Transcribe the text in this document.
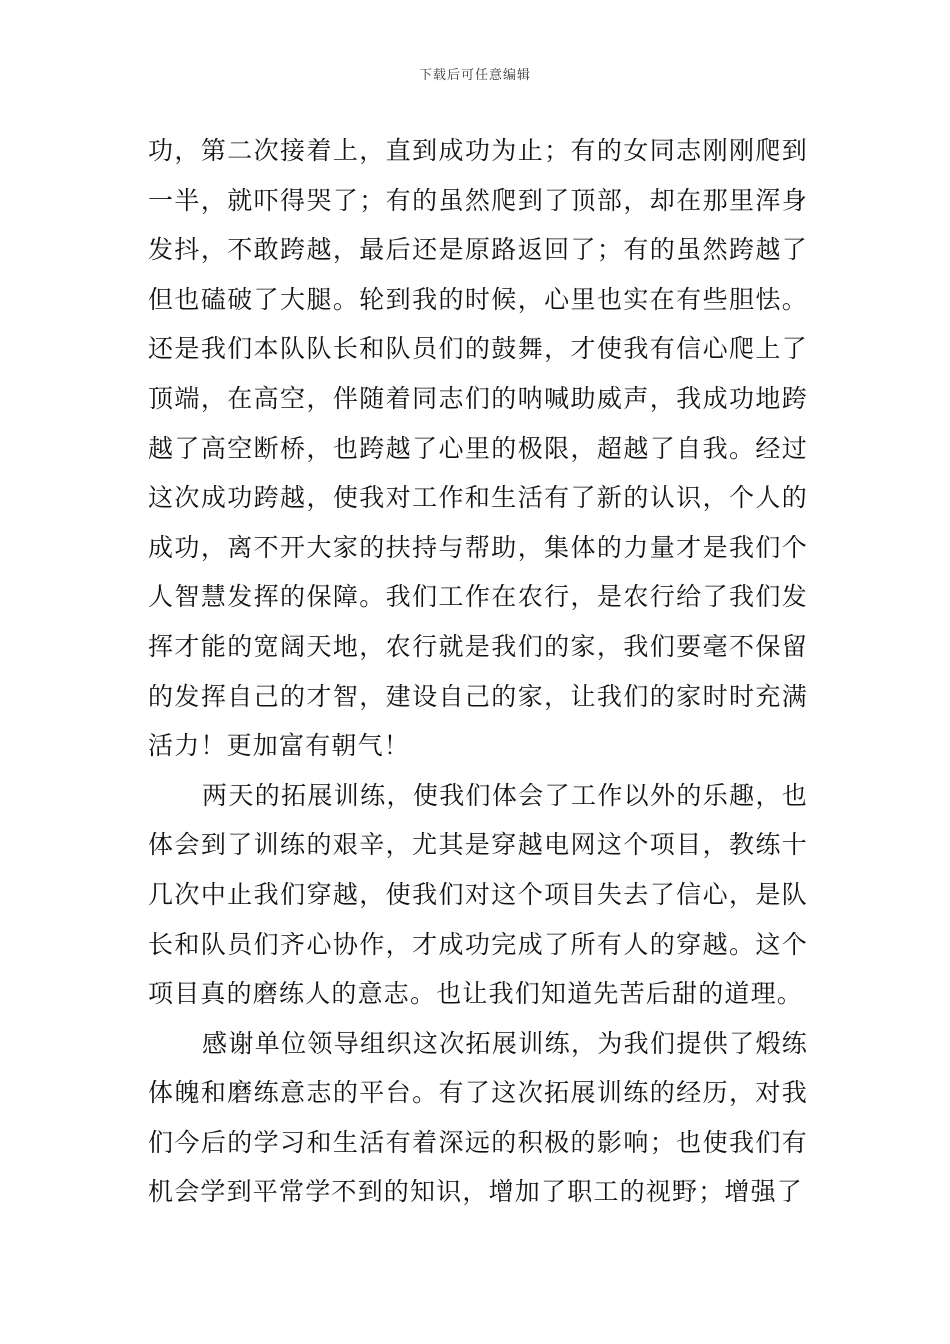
下载后可任意编辑

功，第二次接着上，直到成功为止；有的女同志刚刚爬到一半，就吓得哭了；有的虽然爬到了顶部，却在那里浑身发抖，不敢跨越，最后还是原路返回了；有的虽然跨越了但也磕破了大腿。轮到我的时候，心里也实在有些胆怯。还是我们本队队长和队员们的鼓舞，才使我有信心爬上了顶端，在高空，伴随着同志们的呐喊助威声，我成功地跨越了高空断桥，也跨越了心里的极限，超越了自我。经过这次成功跨越，使我对工作和生活有了新的认识，个人的成功，离不开大家的扶持与帮助，集体的力量才是我们个人智慧发挥的保障。我们工作在农行，是农行给了我们发挥才能的宽阔天地，农行就是我们的家，我们要毫不保留的发挥自己的才智，建设自己的家，让我们的家时时充满活力！更加富有朝气！

两天的拓展训练，使我们体会了工作以外的乐趣，也体会到了训练的艰辛，尤其是穿越电网这个项目，教练十几次中止我们穿越，使我们对这个项目失去了信心，是队长和队员们齐心协作，才成功完成了所有人的穿越。这个项目真的磨练人的意志。也让我们知道先苦后甜的道理。

感谢单位领导组织这次拓展训练，为我们提供了煅练体魄和磨练意志的平台。有了这次拓展训练的经历，对我们今后的学习和生活有着深远的积极的影响；也使我们有机会学到平常学不到的知识，增加了职工的视野；增强了
